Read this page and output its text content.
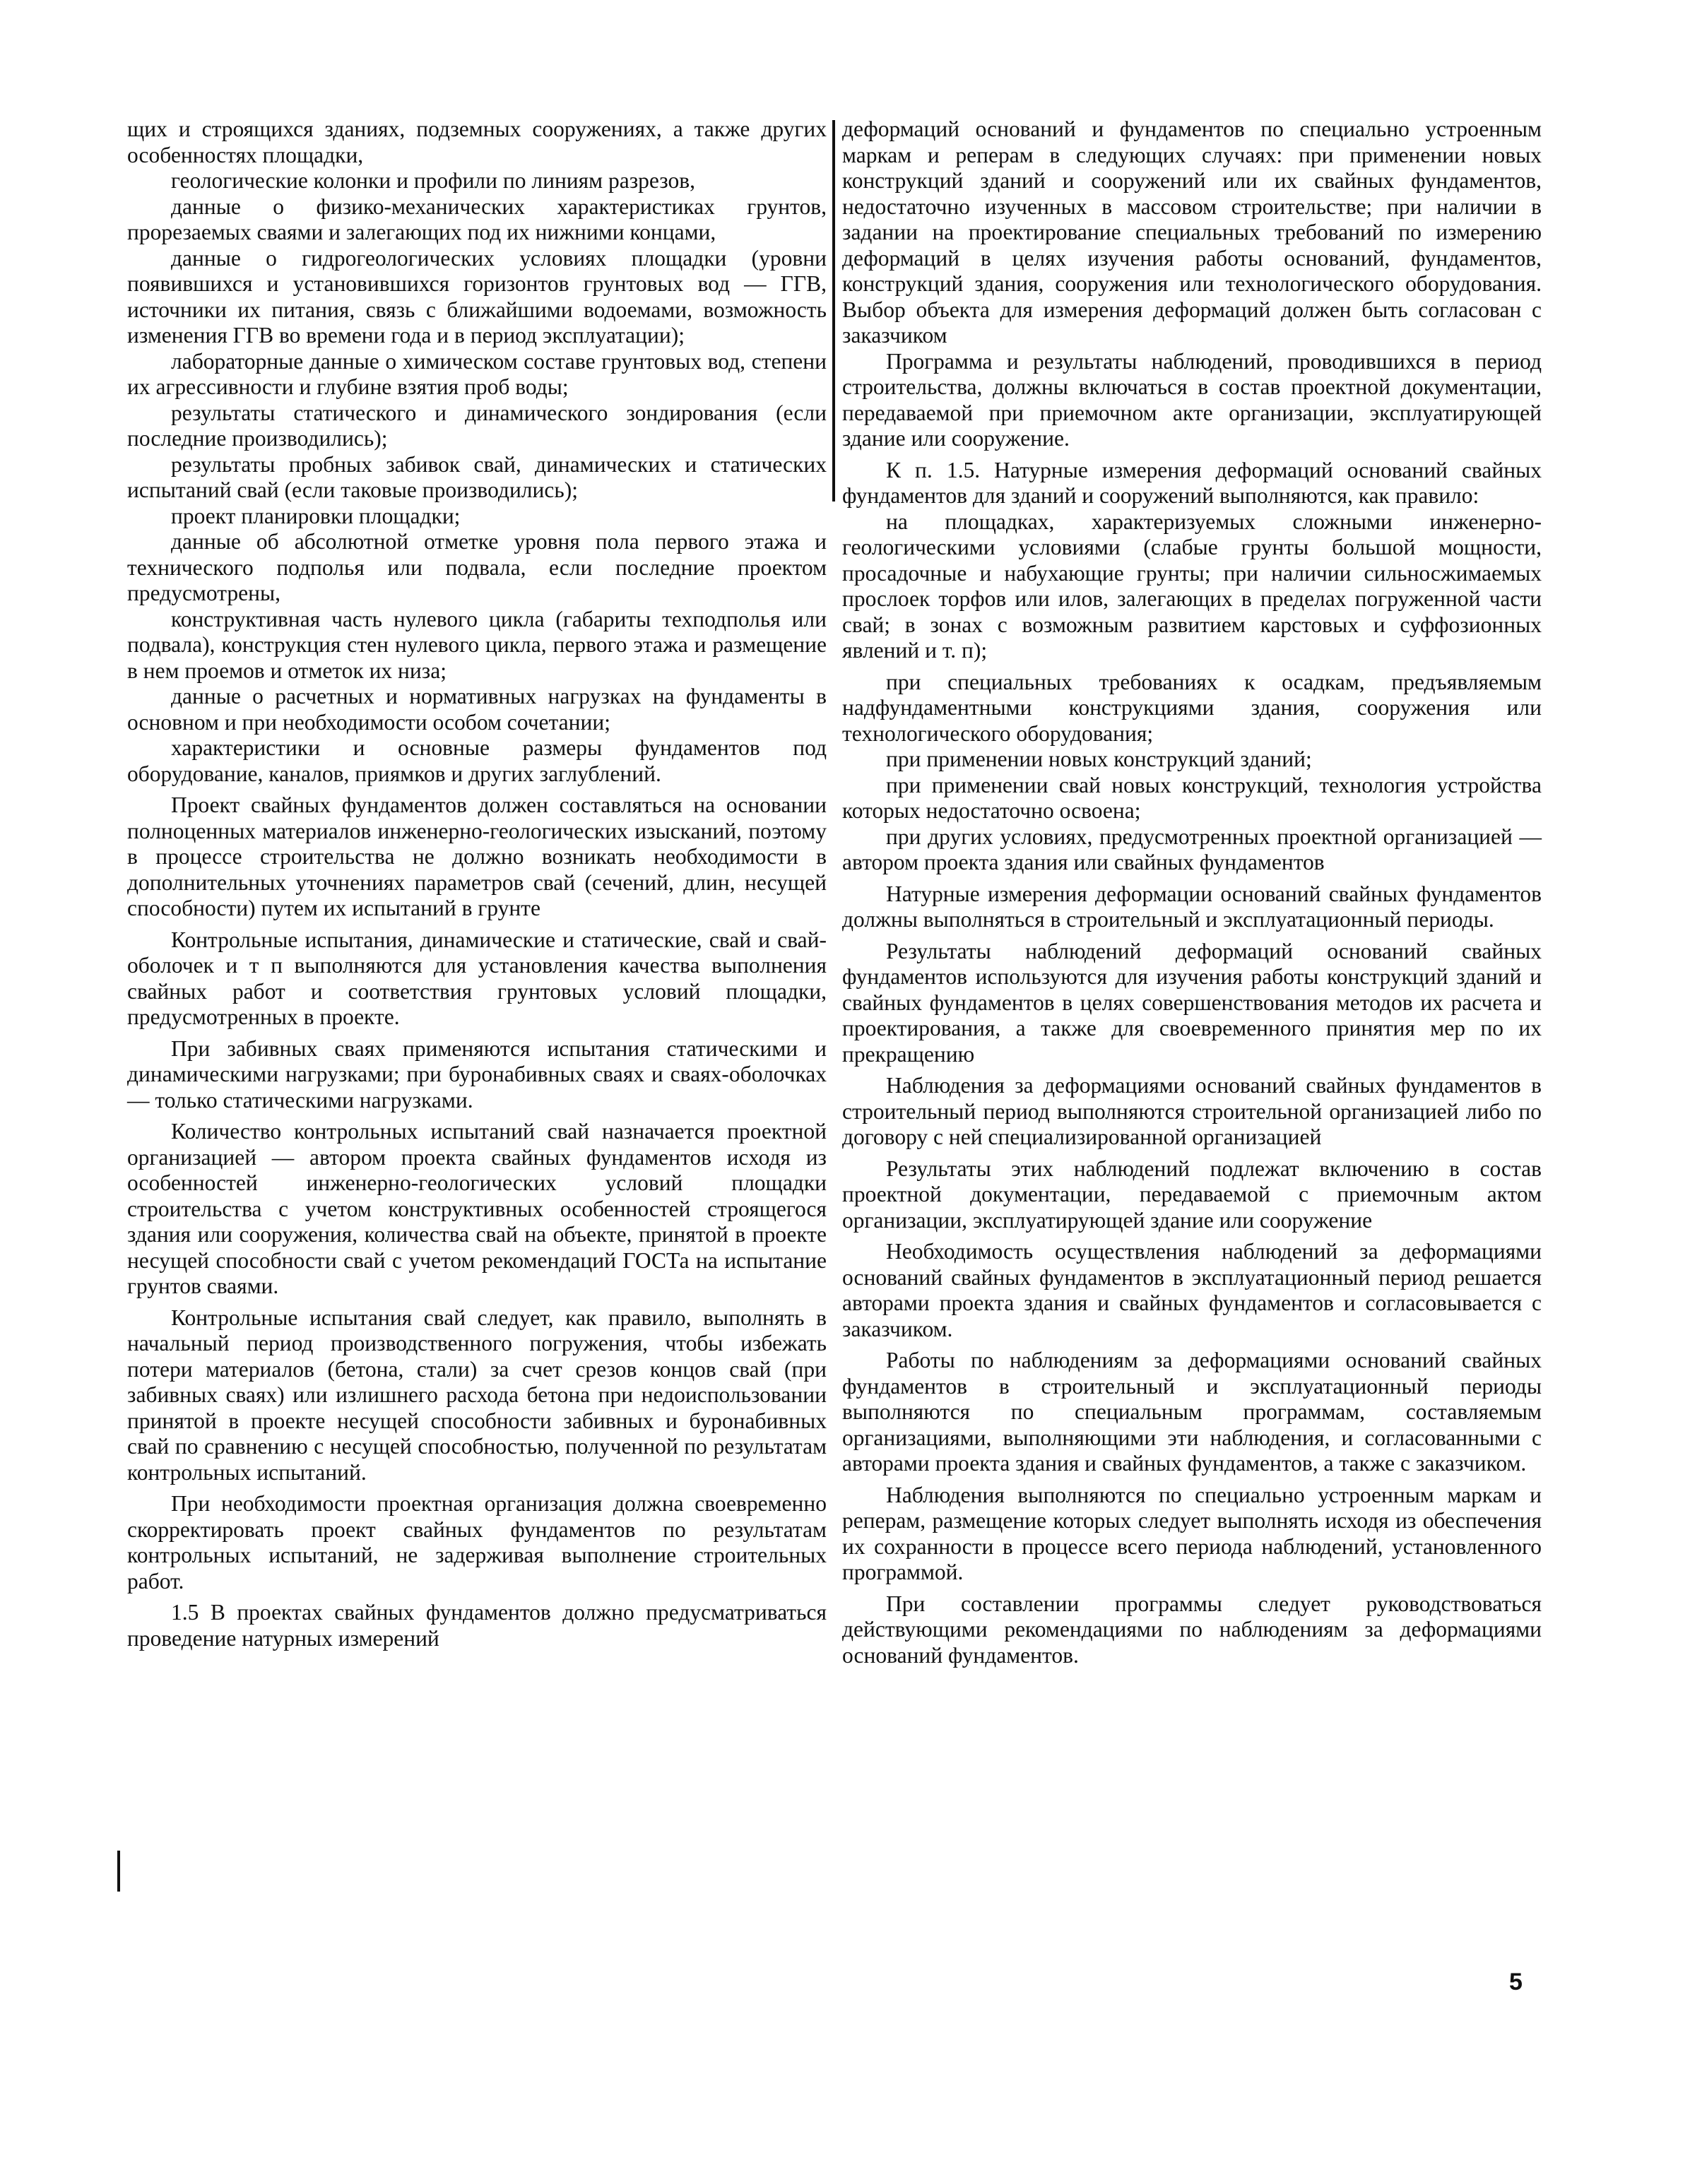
щих и строящихся зданиях, подземных сооружениях, а также других особенностях площадки,

геологические колонки и профили по линиям разрезов,

данные о физико-механических характеристиках грунтов, прорезаемых сваями и залегающих под их нижними концами,

данные о гидрогеологических условиях площадки (уровни появившихся и установившихся горизонтов грунтовых вод — ГГВ, источники их питания, связь с ближайшими водоемами, возможность изменения ГГВ во времени года и в период эксплуатации);

лабораторные данные о химическом составе грунтовых вод, степени их агрессивности и глубине взятия проб воды;

результаты статического и динамического зондирования (если последние производились);

результаты пробных забивок свай, динамических и статических испытаний свай (если таковые производились);

проект планировки площадки;

данные об абсолютной отметке уровня пола первого этажа и технического подполья или подвала, если последние проектом предусмотрены,

конструктивная часть нулевого цикла (габариты техподполья или подвала), конструкция стен нулевого цикла, первого этажа и размещение в нем проемов и отметок их низа;

данные о расчетных и нормативных нагрузках на фундаменты в основном и при необходимости особом сочетании;

характеристики и основные размеры фундаментов под оборудование, каналов, приямков и других заглублений.

Проект свайных фундаментов должен составляться на основании полноценных материалов инженерно-геологических изысканий, поэтому в процессе строительства не должно возникать необходимости в дополнительных уточнениях параметров свай (сечений, длин, несущей способности) путем их испытаний в грунте

Контрольные испытания, динамические и статические, свай и свай-оболочек и т п выполняются для установления качества выполнения свайных работ и соответствия грунтовых условий площадки, предусмотренных в проекте.

При забивных сваях применяются испытания статическими и динамическими нагрузками; при буронабивных сваях и сваях-оболочках — только статическими нагрузками.

Количество контрольных испытаний свай назначается проектной организацией — автором проекта свайных фундаментов исходя из особенностей инженерно-геологических условий площадки строительства с учетом конструктивных особенностей строящегося здания или сооружения, количества свай на объекте, принятой в проекте несущей способности свай с учетом рекомендаций ГОСТа на испытание грунтов сваями.

Контрольные испытания свай следует, как правило, выполнять в начальный период производственного погружения, чтобы избежать потери материалов (бетона, стали) за счет срезов концов свай (при забивных сваях) или излишнего расхода бетона при недоиспользовании принятой в проекте несущей способности забивных и буронабивных свай по сравнению с несущей способностью, полученной по результатам контрольных испытаний.

При необходимости проектная организация должна своевременно скорректировать проект свайных фундаментов по результатам контрольных испытаний, не задерживая выполнение строительных работ.

1.5 В проектах свайных фундаментов должно предусматриваться проведение натурных измерений

деформаций оснований и фундаментов по специально устроенным маркам и реперам в следующих случаях: при применении новых конструкций зданий и сооружений или их свайных фундаментов, недостаточно изученных в массовом строительстве; при наличии в задании на проектирование специальных требований по измерению деформаций в целях изучения работы оснований, фундаментов, конструкций здания, сооружения или технологического оборудования. Выбор объекта для измерения деформаций должен быть согласован с заказчиком

Программа и результаты наблюдений, проводившихся в период строительства, должны включаться в состав проектной документации, передаваемой при приемочном акте организации, эксплуатирующей здание или сооружение.

К п. 1.5. Натурные измерения деформаций оснований свайных фундаментов для зданий и сооружений выполняются, как правило:

на площадках, характеризуемых сложными инженерно-геологическими условиями (слабые грунты большой мощности, просадочные и набухающие грунты; при наличии сильносжимаемых прослоек торфов или илов, залегающих в пределах погруженной части свай; в зонах с возможным развитием карстовых и суффозионных явлений и т. п);

при специальных требованиях к осадкам, предъявляемым надфундаментными конструкциями здания, сооружения или технологического оборудования;

при применении новых конструкций зданий;

при применении свай новых конструкций, технология устройства которых недостаточно освоена;

при других условиях, предусмотренных проектной организацией — автором проекта здания или свайных фундаментов

Натурные измерения деформации оснований свайных фундаментов должны выполняться в строительный и эксплуатационный периоды.

Результаты наблюдений деформаций оснований свайных фундаментов используются для изучения работы конструкций зданий и свайных фундаментов в целях совершенствования методов их расчета и проектирования, а также для своевременного принятия мер по их прекращению

Наблюдения за деформациями оснований свайных фундаментов в строительный период выполняются строительной организацией либо по договору с ней специализированной организацией

Результаты этих наблюдений подлежат включению в состав проектной документации, передаваемой с приемочным актом организации, эксплуатирующей здание или сооружение

Необходимость осуществления наблюдений за деформациями оснований свайных фундаментов в эксплуатационный период решается авторами проекта здания и свайных фундаментов и согласовывается с заказчиком.

Работы по наблюдениям за деформациями оснований свайных фундаментов в строительный и эксплуатационный периоды выполняются по специальным программам, составляемым организациями, выполняющими эти наблюдения, и согласованными с авторами проекта здания и свайных фундаментов, а также с заказчиком.

Наблюдения выполняются по специально устроенным маркам и реперам, размещение которых следует выполнять исходя из обеспечения их сохранности в процессе всего периода наблюдений, установленного программой.

При составлении программы следует руководствоваться действующими рекомендациями по наблюдениям за деформациями оснований фундаментов.

5
